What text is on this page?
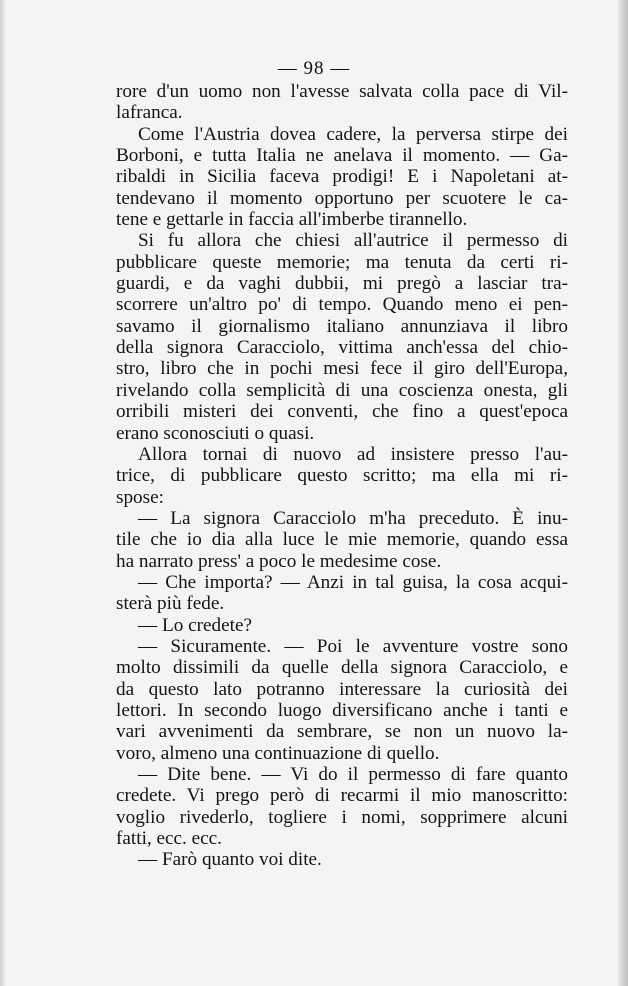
— 98 —
rore d'un uomo non l'avesse salvata colla pace di Vil-
lafranca.
Come l'Austria dovea cadere, la perversa stirpe dei
Borboni, e tutta Italia ne anelava il momento. — Ga-
ribaldi in Sicilia faceva prodigi! E i Napoletani at-
tendevano il momento opportuno per scuotere le ca-
tene e gettarle in faccia all'imberbe tirannello.
Si fu allora che chiesi all'autrice il permesso di
pubblicare queste memorie; ma tenuta da certi ri-
guardi, e da vaghi dubbii, mi pregò a lasciar tra-
scorrere un'altro po' di tempo. Quando meno ei pen-
savamo il giornalismo italiano annunziava il libro
della signora Caracciolo, vittima anch'essa del chio-
stro, libro che in pochi mesi fece il giro dell'Europa,
rivelando colla semplicità di una coscienza onesta, gli
orribili misteri dei conventi, che fino a quest'epoca
erano sconosciuti o quasi.
Allora tornai di nuovo ad insistere presso l'au-
trice, di pubblicare questo scritto; ma ella mi ri-
spose:
— La signora Caracciolo m'ha preceduto. È inu-
tile che io dia alla luce le mie memorie, quando essa
ha narrato press' a poco le medesime cose.
— Che importa? — Anzi in tal guisa, la cosa acqui-
sterà più fede.
— Lo credete?
— Sicuramente. — Poi le avventure vostre sono
molto dissimili da quelle della signora Caracciolo, e
da questo lato potranno interessare la curiosità dei
lettori. In secondo luogo diversificano anche i tanti e
vari avvenimenti da sembrare, se non un nuovo la-
voro, almeno una continuazione di quello.
— Dite bene. — Vi do il permesso di fare quanto
credete. Vi prego però di recarmi il mio manoscritto:
voglio rivederlo, togliere i nomi, sopprimere alcuni
fatti, ecc. ecc.
— Farò quanto voi dite.
